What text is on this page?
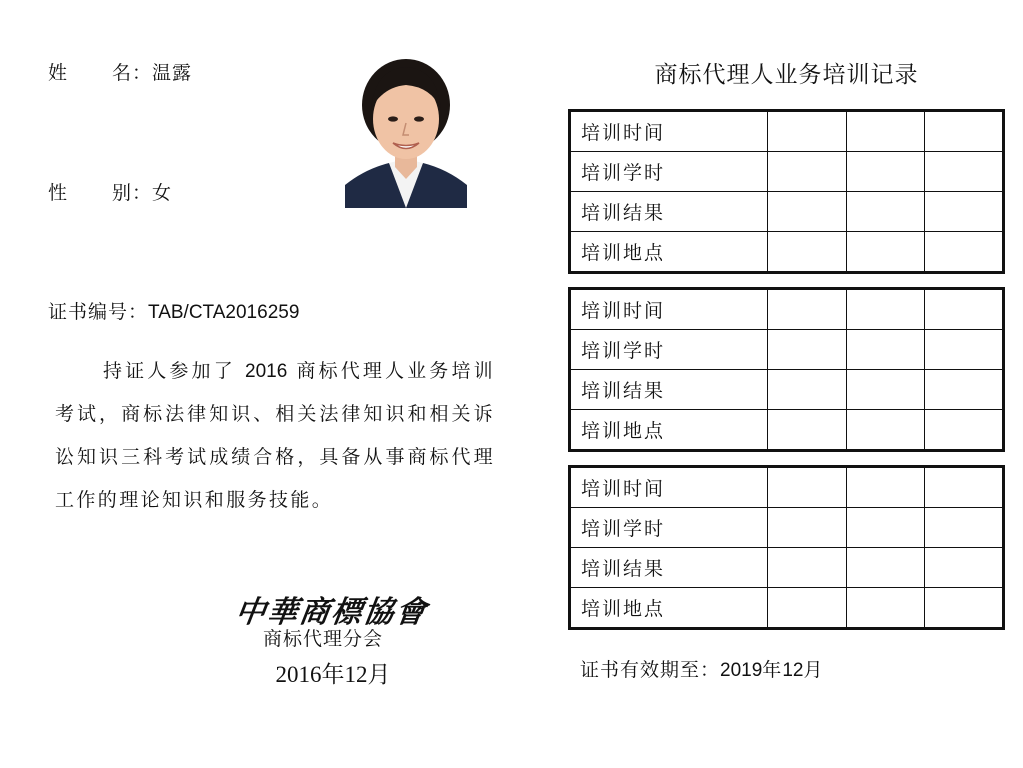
姓 名：温露
性 别：女
证书编号：TAB/CTA2016259
持证人参加了 2016 商标代理人业务培训考试，商标法律知识、相关法律知识和相关诉讼知识三科考试成绩合格，具备从事商标代理工作的理论知识和服务技能。
中華商標協會
商标代理分会
2016年12月
商标代理人业务培训记录
培训时间			
培训学时			
培训结果			
培训地点			
培训时间			
培训学时			
培训结果			
培训地点			
培训时间			
培训学时			
培训结果			
培训地点			
证书有效期至：2019年12月
